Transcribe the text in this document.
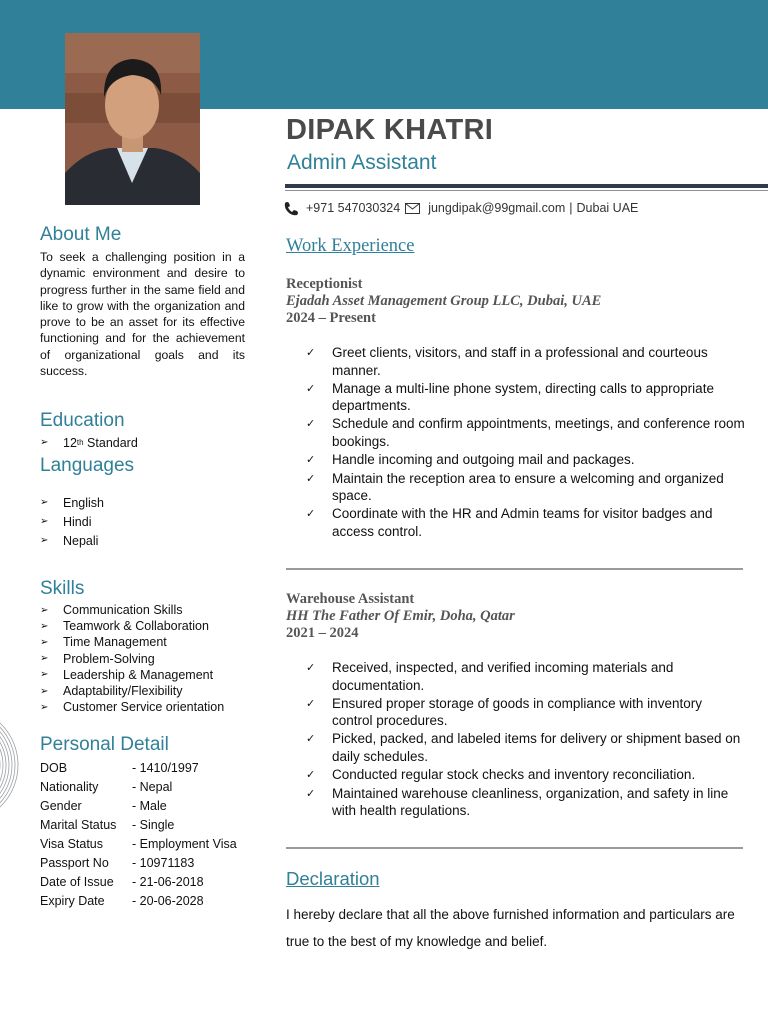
DIPAK KHATRI
Admin Assistant
+971 547030324 jungdipak@99gmail.com | Dubai UAE
About Me
To seek a challenging position in a dynamic environment and desire to progress further in the same field and like to grow with the organization and prove to be an asset for its effective functioning and for the achievement of organizational goals and its success.
Education
➢	12 th Standard
Languages
➢	English
➢	Hindi
➢	Nepali
Skills
➢	Communication Skills
➢	Teamwork & Collaboration
➢	Time Management
➢	Problem-Solving
➢	Leadership & Management
➢	Adaptability/Flexibility
➢	Customer Service orientation
Personal Detail
DOB	- 1410/1997
Nationality	- Nepal
Gender	- Male
Marital Status	- Single
Visa Status	- Employment Visa
Passport No	- 10971183
Date of Issue	- 21-06-2018
Expiry Date	- 20-06-2028
Work Experience
Receptionist
Ejadah Asset Management Group LLC, Dubai, UAE
2024 – Present
✓	Greet clients, visitors, and staff in a professional and courteous manner.
✓	Manage a multi-line phone system, directing calls to appropriate departments.
✓	Schedule and confirm appointments, meetings, and conference room bookings.
✓	Handle incoming and outgoing mail and packages.
✓	Maintain the reception area to ensure a welcoming and organized space.
✓	Coordinate with the HR and Admin teams for visitor badges and access control.
Warehouse Assistant
HH The Father Of Emir, Doha, Qatar
2021 – 2024
✓	Received, inspected, and verified incoming materials and documentation.
✓	Ensured proper storage of goods in compliance with inventory control procedures.
✓	Picked, packed, and labeled items for delivery or shipment based on daily schedules.
✓	Conducted regular stock checks and inventory reconciliation.
✓	Maintained warehouse cleanliness, organization, and safety in line with health regulations.
Declaration
I hereby declare that all the above furnished information and particulars are true to the best of my knowledge and belief.
